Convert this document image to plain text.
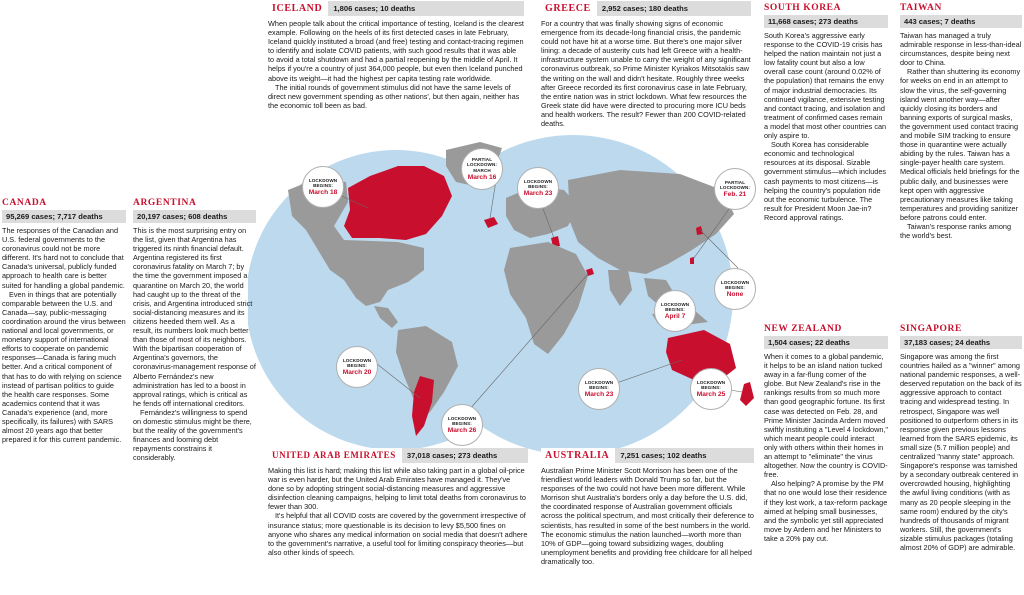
LOCKDOWN BEGINS:
March 18
PARTIAL LOCKDOWN: MARCH
March 16
LOCKDOWN BEGINS:
March 23
PARTIAL LOCKDOWN:
Feb. 21
LOCKDOWN BEGINS:
None
LOCKDOWN BEGINS:
April 7
LOCKDOWN BEGINS:
March 20
LOCKDOWN BEGINS:
March 23
LOCKDOWN BEGINS:
March 25
LOCKDOWN BEGINS:
March 26
ICELAND	1,806 cases; 10 deaths

When people talk about the critical importance of testing, Iceland is the clearest example. Following on the heels of its first detected cases in late February, Iceland quickly instituted a broad (and free) testing and contact-tracing regimen to identify and isolate COVID patients, with such good results that it was able to avoid a total shutdown and had a partial reopening by the middle of April. It helps if you're a country of just 364,000 people, but even then Iceland punched above its weight—it had the highest per capita testing rate worldwide.

The initial rounds of government stimulus did not have the same levels of direct new government spending as other nations', but then again, neither has the economic toll been as bad.

GREECE	2,952 cases; 180 deaths

For a country that was finally showing signs of economic emergence from its decade-long financial crisis, the pandemic could not have hit at a worse time. But there's one major silver lining: a decade of austerity cuts had left Greece with a health-infrastructure system unable to carry the weight of any significant coronavirus outbreak, so Prime Minister Kyriakos Mitsotakis saw the writing on the wall and didn't hesitate. Roughly three weeks after Greece recorded its first coronavirus case in late February, the entire nation was in strict lockdown. What few resources the Greek state did have were directed to procuring more ICU beds and health workers. The result? Fewer than 200 COVID-related deaths.

SOUTH KOREA
11,668 cases; 273 deaths

South Korea's aggressive early response to the COVID-19 crisis has helped the nation maintain not just a low fatality count but also a low overall case count (around 0.02% of the population) that remains the envy of major industrial democracies. Its continued vigilance, extensive testing and contact tracing, and isolation and treatment of confirmed cases remain a model that most other countries can only aspire to.

South Korea has considerable economic and technological resources at its disposal. Sizable government stimulus—which includes cash payments to most citizens—is helping the country's population ride out the economic turbulence. The result for President Moon Jae-in? Record approval ratings.

TAIWAN
443 cases; 7 deaths

Taiwan has managed a truly admirable response in less-than-ideal circumstances, despite being next door to China.

Rather than shuttering its economy for weeks on end in an attempt to slow the virus, the self-governing island went another way—after quickly closing its borders and banning exports of surgical masks, the government used contact tracing and mobile SIM tracking to ensure those in quarantine were actually abiding by the rules. Taiwan has a single-payer health care system. Medical officials held briefings for the public daily, and businesses were kept open with aggressive precautionary measures like taking temperatures and providing sanitizer before patrons could enter.

Taiwan's response ranks among the world's best.

CANADA
95,269 cases; 7,717 deaths

The responses of the Canadian and U.S. federal governments to the coronavirus could not be more different. It's hard not to conclude that Canada's universal, publicly funded approach to health care is better suited for handling a global pandemic.

Even in things that are potentially comparable between the U.S. and Canada—say, public-messaging coordination around the virus between national and local governments, or monetary support of international efforts to cooperate on pandemic responses—Canada is faring much better. And a critical component of that has to do with relying on science instead of partisan politics to guide the health care responses. Some academics contend that it was Canada's experience (and, more specifically, its failures) with SARS almost 20 years ago that better prepared it for this current pandemic.

ARGENTINA
20,197 cases; 608 deaths

This is the most surprising entry on the list, given that Argentina has triggered its ninth financial default. Argentina registered its first coronavirus fatality on March 7; by the time the government imposed a quarantine on March 20, the world had caught up to the threat of the crisis, and Argentina introduced strict social-distancing measures and its citizens heeded them well. As a result, its numbers look much better than those of most of its neighbors. With the bipartisan cooperation of Argentina's governors, the coronavirus-management response of Alberto Fernández's new administration has led to a boost in approval ratings, which is critical as he fends off international creditors.

Fernández's willingness to spend on domestic stimulus might be there, but the reality of the government's finances and looming debt repayments constrains it considerably.	UNITED ARAB EMIRATES	37,018 cases; 273 deaths

Making this list is hard; making this list while also taking part in a global oil-price war is even harder, but the United Arab Emirates have managed it. They've done so by adopting stringent social-distancing measures and aggressive disinfection cleaning campaigns, helping to limit total deaths from coronavirus to fewer than 300.

It's helpful that all COVID costs are covered by the government irrespective of insurance status; more questionable is its decision to levy $5,500 fines on anyone who shares any medical information on social media that doesn't adhere to the government's narrative, a useful tool for limiting conspiracy theories—but also other kinds of speech.

AUSTRALIA	7,251 cases; 102 deaths

Australian Prime Minister Scott Morrison has been one of the friendliest world leaders with Donald Trump so far, but the responses of the two could not have been more different. While Morrison shut Australia's borders only a day before the U.S. did, the coordinated response of Australian government officials across the political spectrum, and most critically their deference to scientists, has resulted in some of the best numbers in the world. The economic stimulus the nation launched—worth more than 10% of GDP—going toward subsidizing wages, doubling unemployment benefits and providing free childcare for all helped dramatically too.

NEW ZEALAND
1,504 cases; 22 deaths

When it comes to a global pandemic, it helps to be an island nation tucked away in a far-flung corner of the globe. But New Zealand's rise in the rankings results from so much more than good geographic fortune. Its first case was detected on Feb. 28, and Prime Minister Jacinda Ardern moved swiftly instituting a "Level 4 lockdown," which meant people could interact only with others within their homes in an attempt to "eliminate" the virus altogether. Now the country is COVID-free.

Also helping? A promise by the PM that no one would lose their residence if they lost work, a tax-reform package aimed at helping small businesses, and the symbolic yet still appreciated move by Ardern and her Ministers to take a 20% pay cut.

SINGAPORE
37,183 cases; 24 deaths

Singapore was among the first countries hailed as a "winner" among national pandemic responses, a well-deserved reputation on the back of its aggressive approach to contact tracing and widespread testing. In retrospect, Singapore was well positioned to outperform others in its response given previous lessons learned from the SARS epidemic, its small size (5.7 million people) and centralized "nanny state" approach. Singapore's response was tarnished by a secondary outbreak centered in overcrowded housing, highlighting the awful living conditions (with as many as 20 people sleeping in the same room) endured by the city's hundreds of thousands of migrant workers. Still, the government's sizable stimulus packages (totaling almost 20% of GDP) are admirable.
